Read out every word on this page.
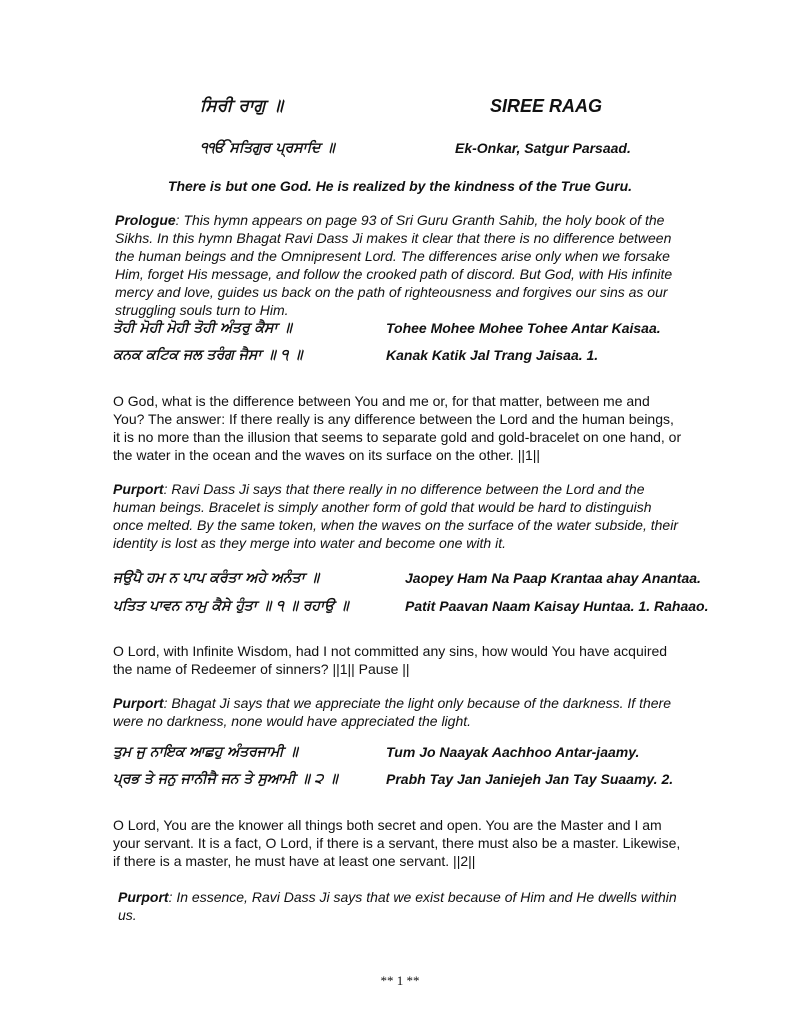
ਸਿਰੀ ਰਾਗੁ ॥	SIREE RAAG
੧ੴ ਸਤਿਗੁਰ ਪ੍ਰਸਾਦਿ ॥	Ek-Onkar, Satgur Parsaad.
There is but one God. He is realized by the kindness of the True Guru.
Prologue: This hymn appears on page 93 of Sri Guru Granth Sahib, the holy book of the Sikhs. In this hymn Bhagat Ravi Dass Ji makes it clear that there is no difference between the human beings and the Omnipresent Lord. The differences arise only when we forsake Him, forget His message, and follow the crooked path of discord. But God, with His infinite mercy and love, guides us back on the path of righteousness and forgives our sins as our struggling souls turn to Him.
ਤੋਹੀ ਮੋਹੀ ਮੋਹੀ ਤੋਹੀ ਅੰਤਰੁ ਕੈਸਾ ॥	Tohee Mohee Mohee Tohee Antar Kaisaa.
ਕਨਕ ਕਟਿਕ ਜਲ ਤਰੰਗ ਜੈਸਾ ॥ ੧ ॥	Kanak Katik Jal Trang Jaisaa. 1.
O God, what is the difference between You and me or, for that matter, between me and You? The answer: If there really is any difference between the Lord and the human beings, it is no more than the illusion that seems to separate gold and gold-bracelet on one hand, or the water in the ocean and the waves on its surface on the other. ||1||
Purport: Ravi Dass Ji says that there really in no difference between the Lord and the human beings. Bracelet is simply another form of gold that would be hard to distinguish once melted. By the same token, when the waves on the surface of the water subside, their identity is lost as they merge into water and become one with it.
ਜਉਪੈ ਹਮ ਨ ਪਾਪ ਕਰੰਤਾ ਅਹੇ ਅਨੰਤਾ ॥	Jaopey Ham Na Paap Krantaa ahay Anantaa.
ਪਤਿਤ ਪਾਵਨ ਨਾਮੁ ਕੈਸੇ ਹੁੰਤਾ ॥ ੧ ॥ ਰਹਾਉ ॥	Patit Paavan Naam Kaisay Huntaa. 1. Rahaao.
O Lord, with Infinite Wisdom, had I not committed any sins, how would You have acquired the name of Redeemer of sinners? ||1|| Pause ||
Purport: Bhagat Ji says that we appreciate the light only because of the darkness. If there were no darkness, none would have appreciated the light.
ਤੁਮ ਜੁ ਨਾਇਕ ਆਛਹੁ ਅੰਤਰਜਾਮੀ ॥	Tum Jo Naayak Aachhoo Antar-jaamy.
ਪ੍ਰਭ ਤੇ ਜਨੁ ਜਾਨੀਜੈ ਜਨ ਤੇ ਸੁਆਮੀ ॥ ੨ ॥	Prabh Tay Jan Janiejeh Jan Tay Suaamy. 2.
O Lord, You are the knower all things both secret and open. You are the Master and I am your servant. It is a fact, O Lord, if there is a servant, there must also be a master. Likewise, if there is a master, he must have at least one servant. ||2||
Purport: In essence, Ravi Dass Ji says that we exist because of Him and He dwells within us.
** 1 **
